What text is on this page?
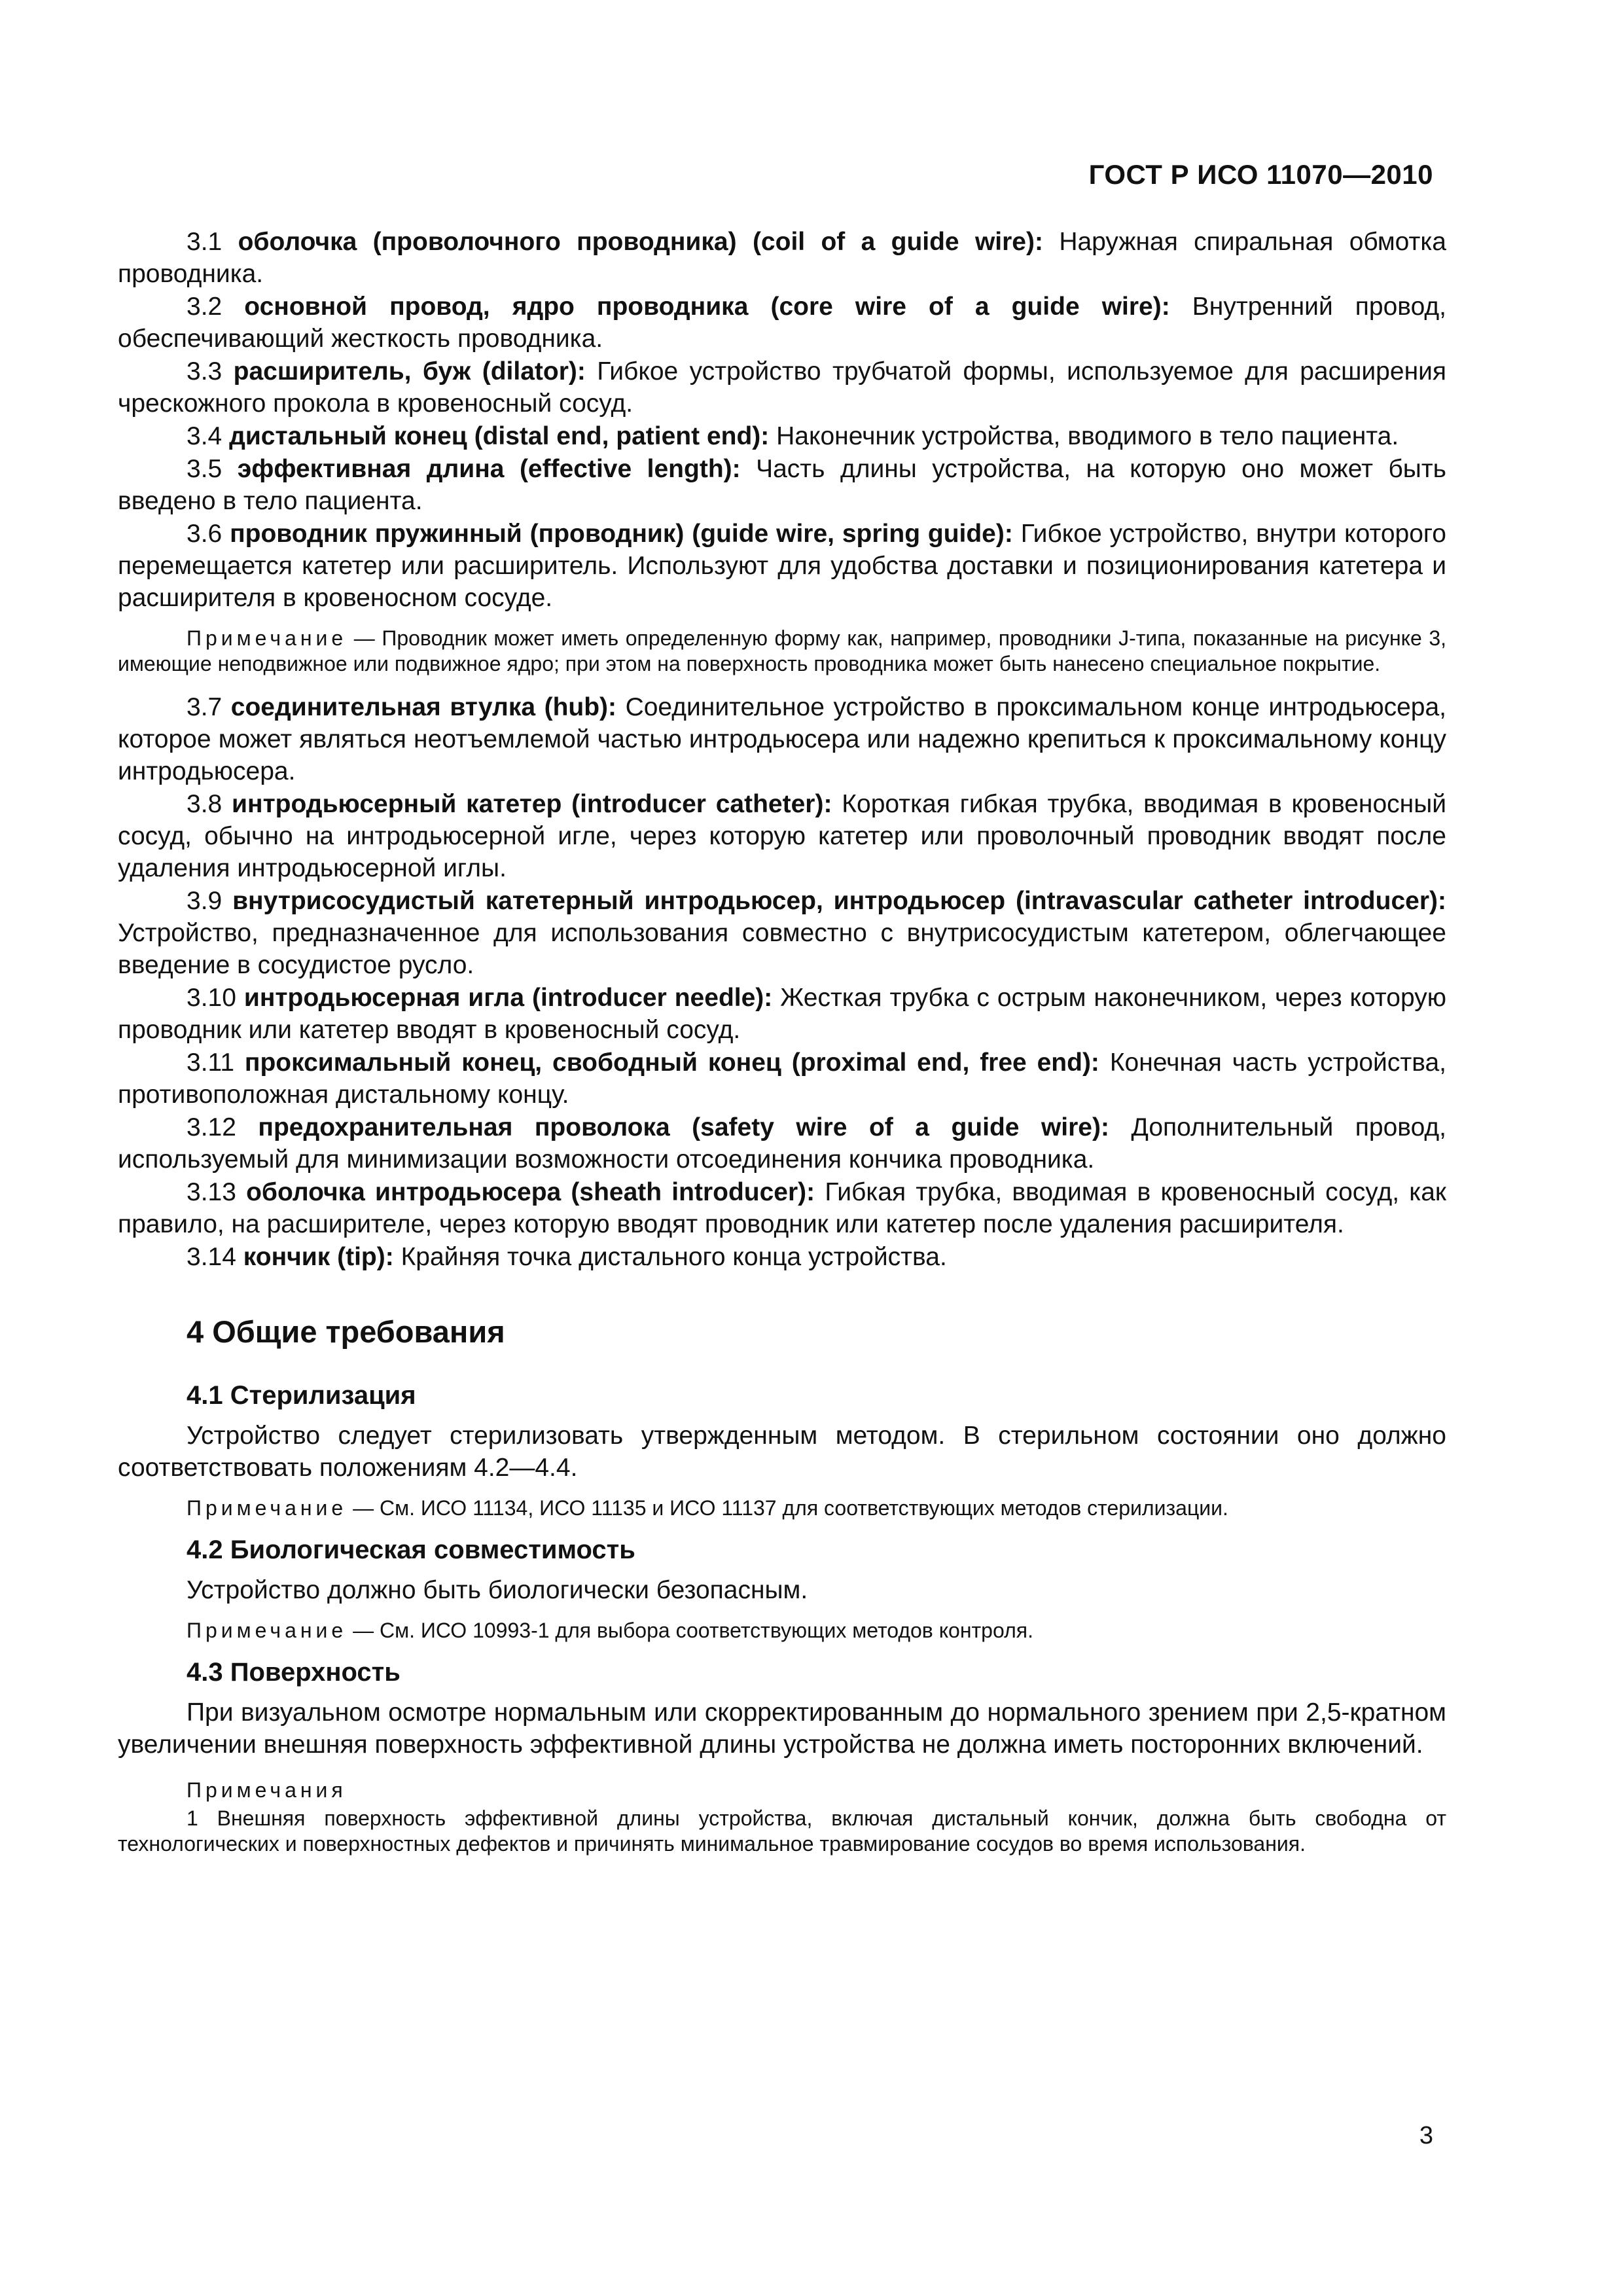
ГОСТ Р ИСО 11070—2010

3.1 оболочка (проволочного проводника) (coil of a guide wire): Наружная спиральная обмотка проводника.

3.2 основной провод, ядро проводника (core wire of a guide wire): Внутренний провод, обеспечивающий жесткость проводника.

3.3 расширитель, буж (dilator): Гибкое устройство трубчатой формы, используемое для расширения чрескожного прокола в кровеносный сосуд.

3.4 дистальный конец (distal end, patient end): Наконечник устройства, вводимого в тело пациента.

3.5 эффективная длина (effective length): Часть длины устройства, на которую оно может быть введено в тело пациента.

3.6 проводник пружинный (проводник) (guide wire, spring guide): Гибкое устройство, внутри которого перемещается катетер или расширитель. Используют для удобства доставки и позиционирования катетера и расширителя в кровеносном сосуде.

Примечание — Проводник может иметь определенную форму как, например, проводники J-типа, показанные на рисунке 3, имеющие неподвижное или подвижное ядро; при этом на поверхность проводника может быть нанесено специальное покрытие.

3.7 соединительная втулка (hub): Соединительное устройство в проксимальном конце интродьюсера, которое может являться неотъемлемой частью интродьюсера или надежно крепиться к проксимальному концу интродьюсера.

3.8 интродьюсерный катетер (introducer catheter): Короткая гибкая трубка, вводимая в кровеносный сосуд, обычно на интродьюсерной игле, через которую катетер или проволочный проводник вводят после удаления интродьюсерной иглы.

3.9 внутрисосудистый катетерный интродьюсер, интродьюсер (intravascular catheter introducer): Устройство, предназначенное для использования совместно с внутрисосудистым катетером, облегчающее введение в сосудистое русло.

3.10 интродьюсерная игла (introducer needle): Жесткая трубка с острым наконечником, через которую проводник или катетер вводят в кровеносный сосуд.

3.11 проксимальный конец, свободный конец (proximal end, free end): Конечная часть устройства, противоположная дистальному концу.

3.12 предохранительная проволока (safety wire of a guide wire): Дополнительный провод, используемый для минимизации возможности отсоединения кончика проводника.

3.13 оболочка интродьюсера (sheath introducer): Гибкая трубка, вводимая в кровеносный сосуд, как правило, на расширителе, через которую вводят проводник или катетер после удаления расширителя.

3.14 кончик (tip): Крайняя точка дистального конца устройства.

4 Общие требования
4.1 Стерилизация

Устройство следует стерилизовать утвержденным методом. В стерильном состоянии оно должно соответствовать положениям 4.2—4.4.

Примечание — См. ИСО 11134, ИСО 11135 и ИСО 11137 для соответствующих методов стерилизации.

4.2 Биологическая совместимость

Устройство должно быть биологически безопасным.

Примечание — См. ИСО 10993-1 для выбора соответствующих методов контроля.

4.3 Поверхность

При визуальном осмотре нормальным или скорректированным до нормального зрением при 2,5-кратном увеличении внешняя поверхность эффективной длины устройства не должна иметь посторонних включений.

Примечания

1 Внешняя поверхность эффективной длины устройства, включая дистальный кончик, должна быть свободна от технологических и поверхностных дефектов и причинять минимальное травмирование сосудов во время использования.

3
